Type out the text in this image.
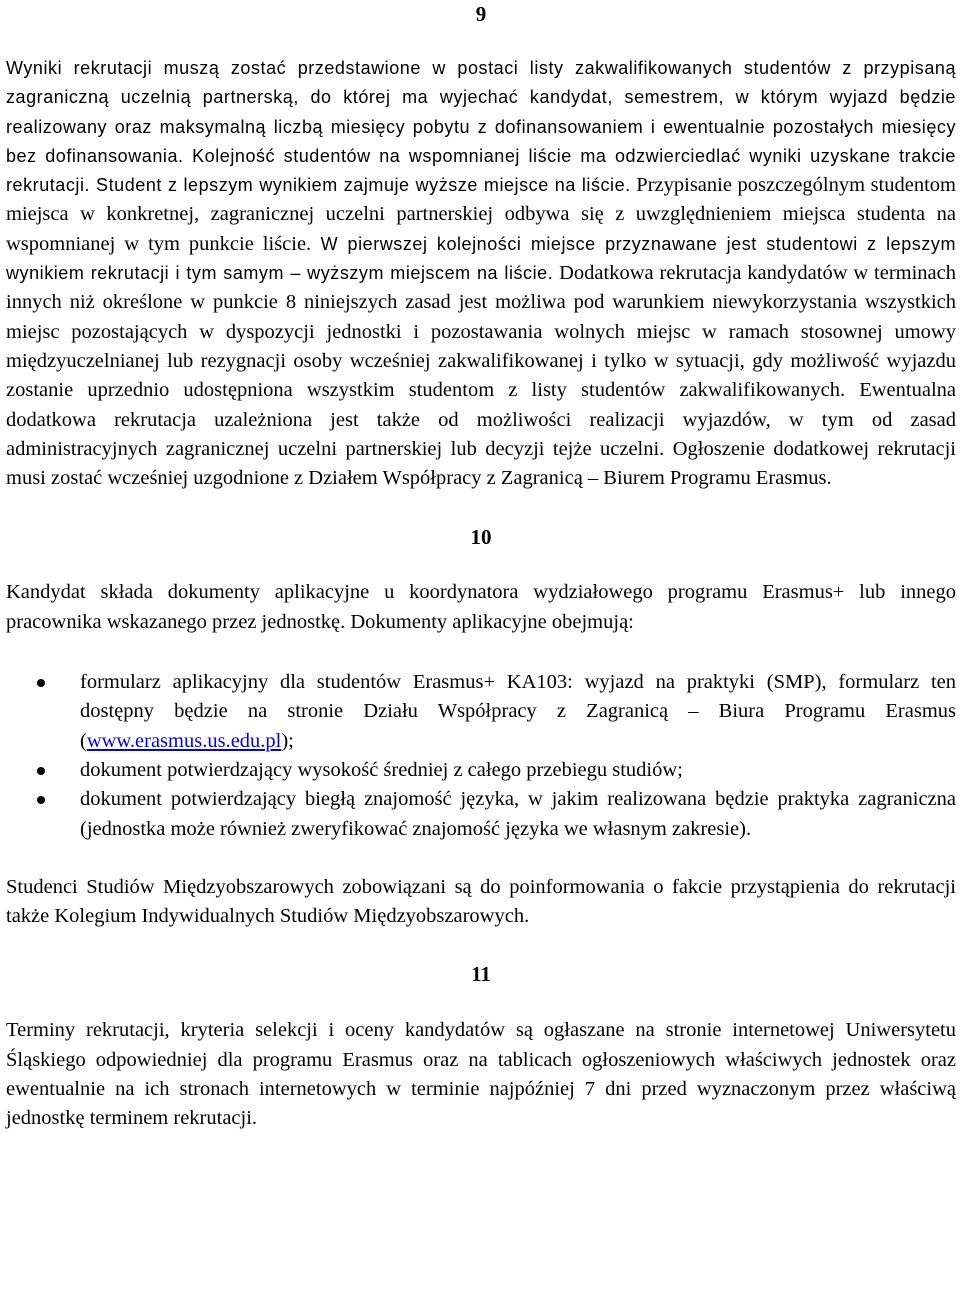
9

Wyniki rekrutacji muszą zostać przedstawione w postaci listy zakwalifikowanych studentów z przypisaną zagraniczną uczelnią partnerską, do której ma wyjechać kandydat, semestrem, w którym wyjazd będzie realizowany oraz maksymalną liczbą miesięcy pobytu z dofinansowaniem i ewentualnie pozostałych miesięcy bez dofinansowania. Kolejność studentów na wspomnianej liście ma odzwierciedlać wyniki uzyskane trakcie rekrutacji. Student z lepszym wynikiem zajmuje wyższe miejsce na liście. Przypisanie poszczególnym studentom miejsca w konkretnej, zagranicznej uczelni partnerskiej odbywa się z uwzględnieniem miejsca studenta na wspomnianej w tym punkcie liście. W pierwszej kolejności miejsce przyznawane jest studentowi z lepszym wynikiem rekrutacji i tym samym – wyższym miejscem na liście. Dodatkowa rekrutacja kandydatów w terminach innych niż określone w punkcie 8 niniejszych zasad jest możliwa pod warunkiem niewykorzystania wszystkich miejsc pozostających w dyspozycji jednostki i pozostawania wolnych miejsc w ramach stosownej umowy międzyuczelnianej lub rezygnacji osoby wcześniej zakwalifikowanej i tylko w sytuacji, gdy możliwość wyjazdu zostanie uprzednio udostępniona wszystkim studentom z listy studentów zakwalifikowanych. Ewentualna dodatkowa rekrutacja uzależniona jest także od możliwości realizacji wyjazdów, w tym od zasad administracyjnych zagranicznej uczelni partnerskiej lub decyzji tejże uczelni. Ogłoszenie dodatkowej rekrutacji musi zostać wcześniej uzgodnione z Działem Współpracy z Zagranicą – Biurem Programu Erasmus.

10

Kandydat składa dokumenty aplikacyjne u koordynatora wydziałowego programu Erasmus+ lub innego pracownika wskazanego przez jednostkę. Dokumenty aplikacyjne obejmują:

formularz aplikacyjny dla studentów Erasmus+ KA103: wyjazd na praktyki (SMP), formularz ten dostępny będzie na stronie Działu Współpracy z Zagranicą – Biura Programu Erasmus (www.erasmus.us.edu.pl);
dokument potwierdzający wysokość średniej z całego przebiegu studiów;
dokument potwierdzający biegłą znajomość języka, w jakim realizowana będzie praktyka zagraniczna (jednostka może również zweryfikować znajomość języka we własnym zakresie).

Studenci Studiów Międzyobszarowych zobowiązani są do poinformowania o fakcie przystąpienia do rekrutacji także Kolegium Indywidualnych Studiów Międzyobszarowych.

11

Terminy rekrutacji, kryteria selekcji i oceny kandydatów są ogłaszane na stronie internetowej Uniwersytetu Śląskiego odpowiedniej dla programu Erasmus oraz na tablicach ogłoszeniowych właściwych jednostek oraz ewentualnie na ich stronach internetowych w terminie najpóźniej 7 dni przed wyznaczonym przez właściwą jednostkę terminem rekrutacji.
